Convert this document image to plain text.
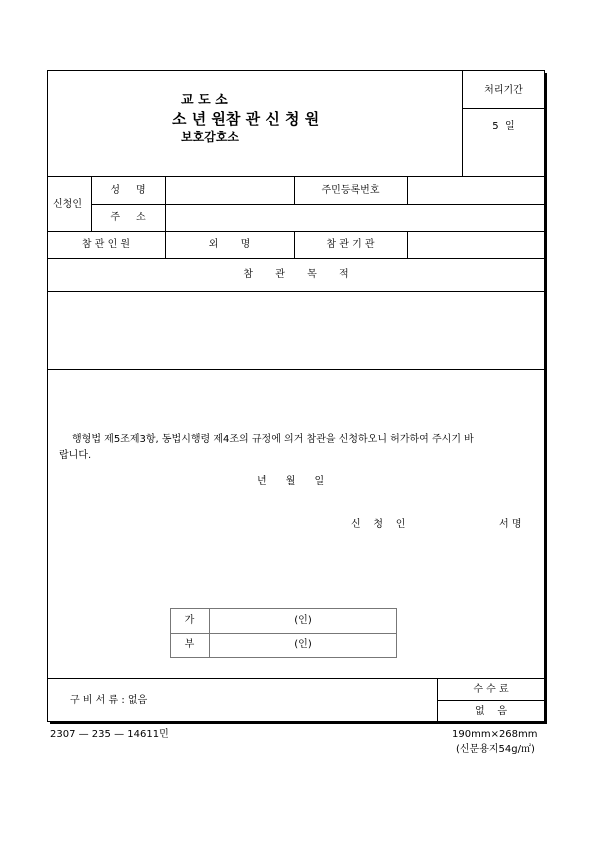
교 도 소
소 년 원참 관 신 청 원
보호감호소
처리기간
5  일
신청인
성     명	주민등록번호
주     소
참 관 인 원	외       명	참 관 기 관
참       관       목       적
행형법 제5조제3항, 동법시행령 제4조의 규정에 의거 참관을 신청하오니 허가하여 주시기 바
랍니다.
년      월      일
신    청    인	서 명
가	(인)
부	(인)
구 비 서 류 : 없음
수 수 료
없    음
2307 — 235 — 14611민	190mm×268mm
(신문용지54g/㎡)
